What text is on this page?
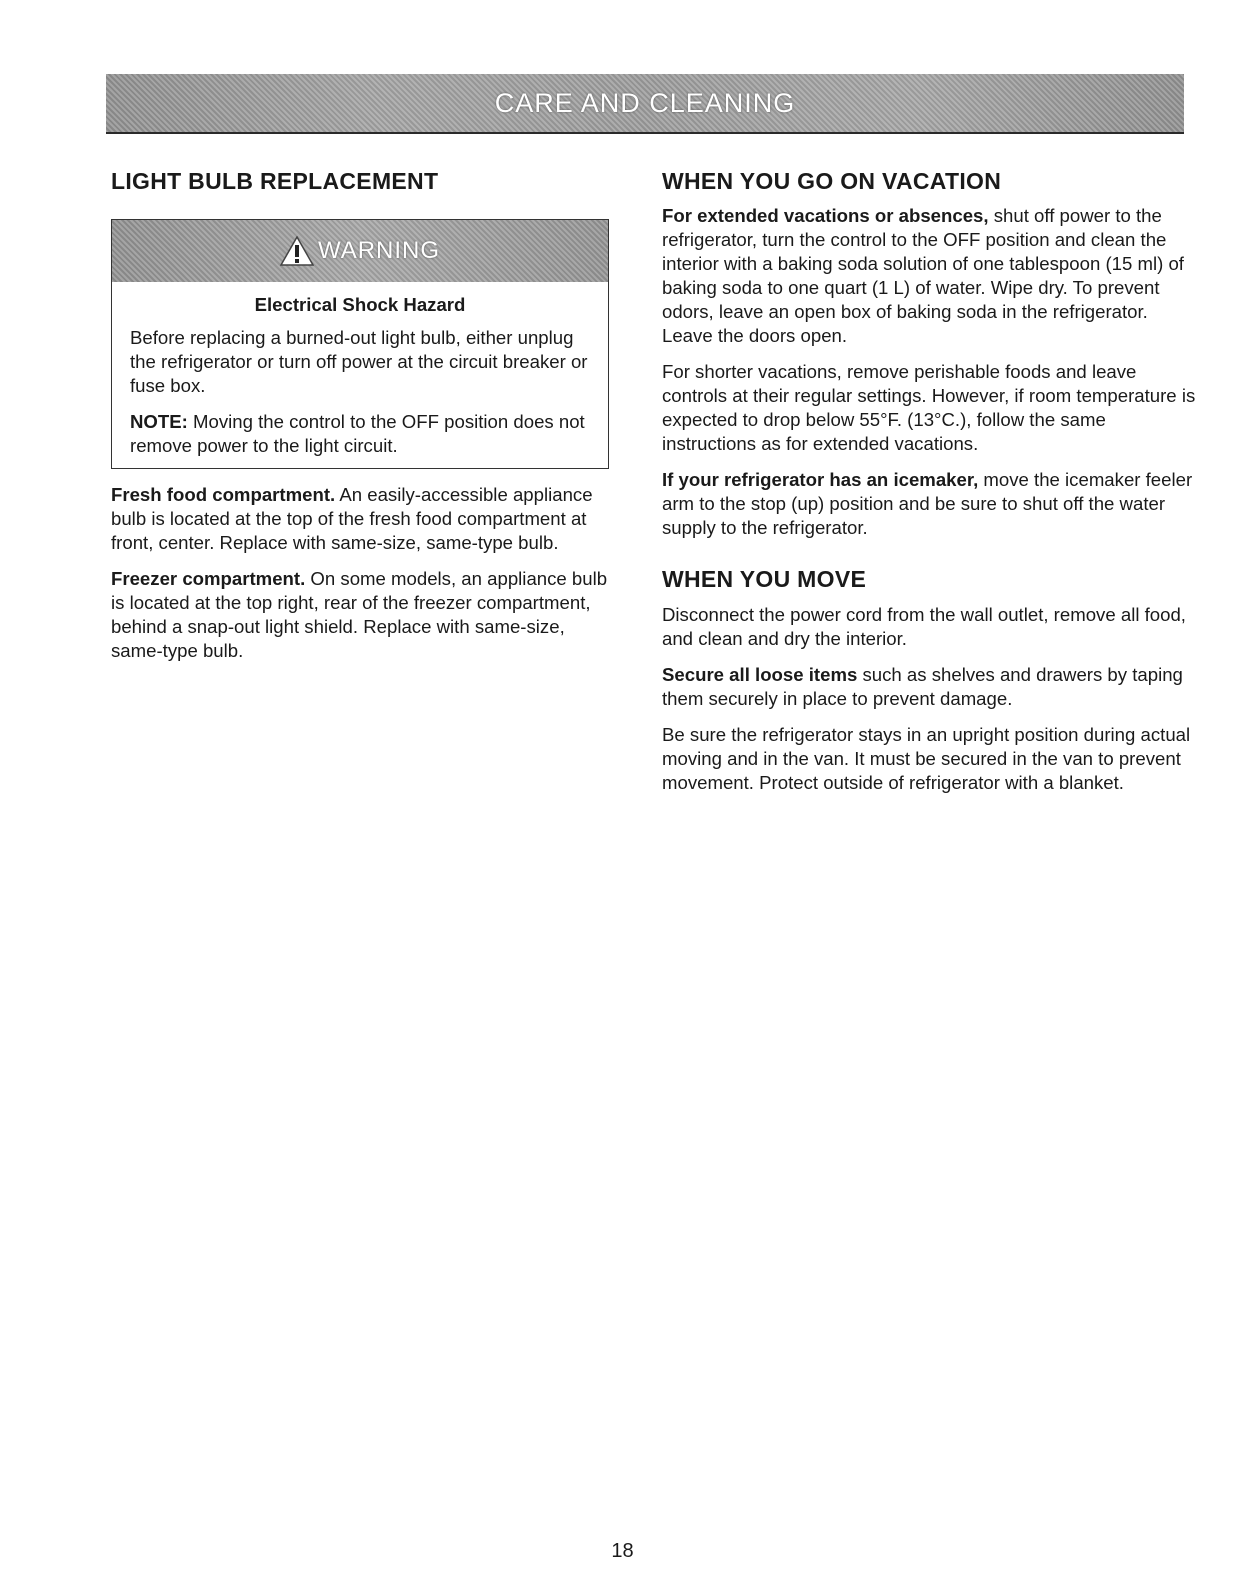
CARE AND CLEANING
LIGHT BULB REPLACEMENT
WARNING
Electrical Shock Hazard

Before replacing a burned-out light bulb, either unplug the refrigerator or turn off power at the circuit breaker or fuse box.

NOTE: Moving the control to the OFF position does not remove power to the light circuit.

Fresh food compartment. An easily-accessible appliance bulb is located at the top of the fresh food compartment at front, center. Replace with same-size, same-type bulb.

Freezer compartment. On some models, an appliance bulb is located at the top right, rear of the freezer compartment, behind a snap-out light shield. Replace with same-size, same-type bulb.

WHEN YOU GO ON VACATION

For extended vacations or absences, shut off power to the refrigerator, turn the control to the OFF position and clean the interior with a baking soda solution of one tablespoon (15 ml) of baking soda to one quart (1 L) of water. Wipe dry. To prevent odors, leave an open box of baking soda in the refrigerator. Leave the doors open.

For shorter vacations, remove perishable foods and leave controls at their regular settings. However, if room temperature is expected to drop below 55°F. (13°C.), follow the same instructions as for extended vacations.

If your refrigerator has an icemaker, move the icemaker feeler arm to the stop (up) position and be sure to shut off the water supply to the refrigerator.

WHEN YOU MOVE

Disconnect the power cord from the wall outlet, remove all food, and clean and dry the interior.

Secure all loose items such as shelves and drawers by taping them securely in place to prevent damage.

Be sure the refrigerator stays in an upright position during actual moving and in the van. It must be secured in the van to prevent movement. Protect outside of refrigerator with a blanket.

18
